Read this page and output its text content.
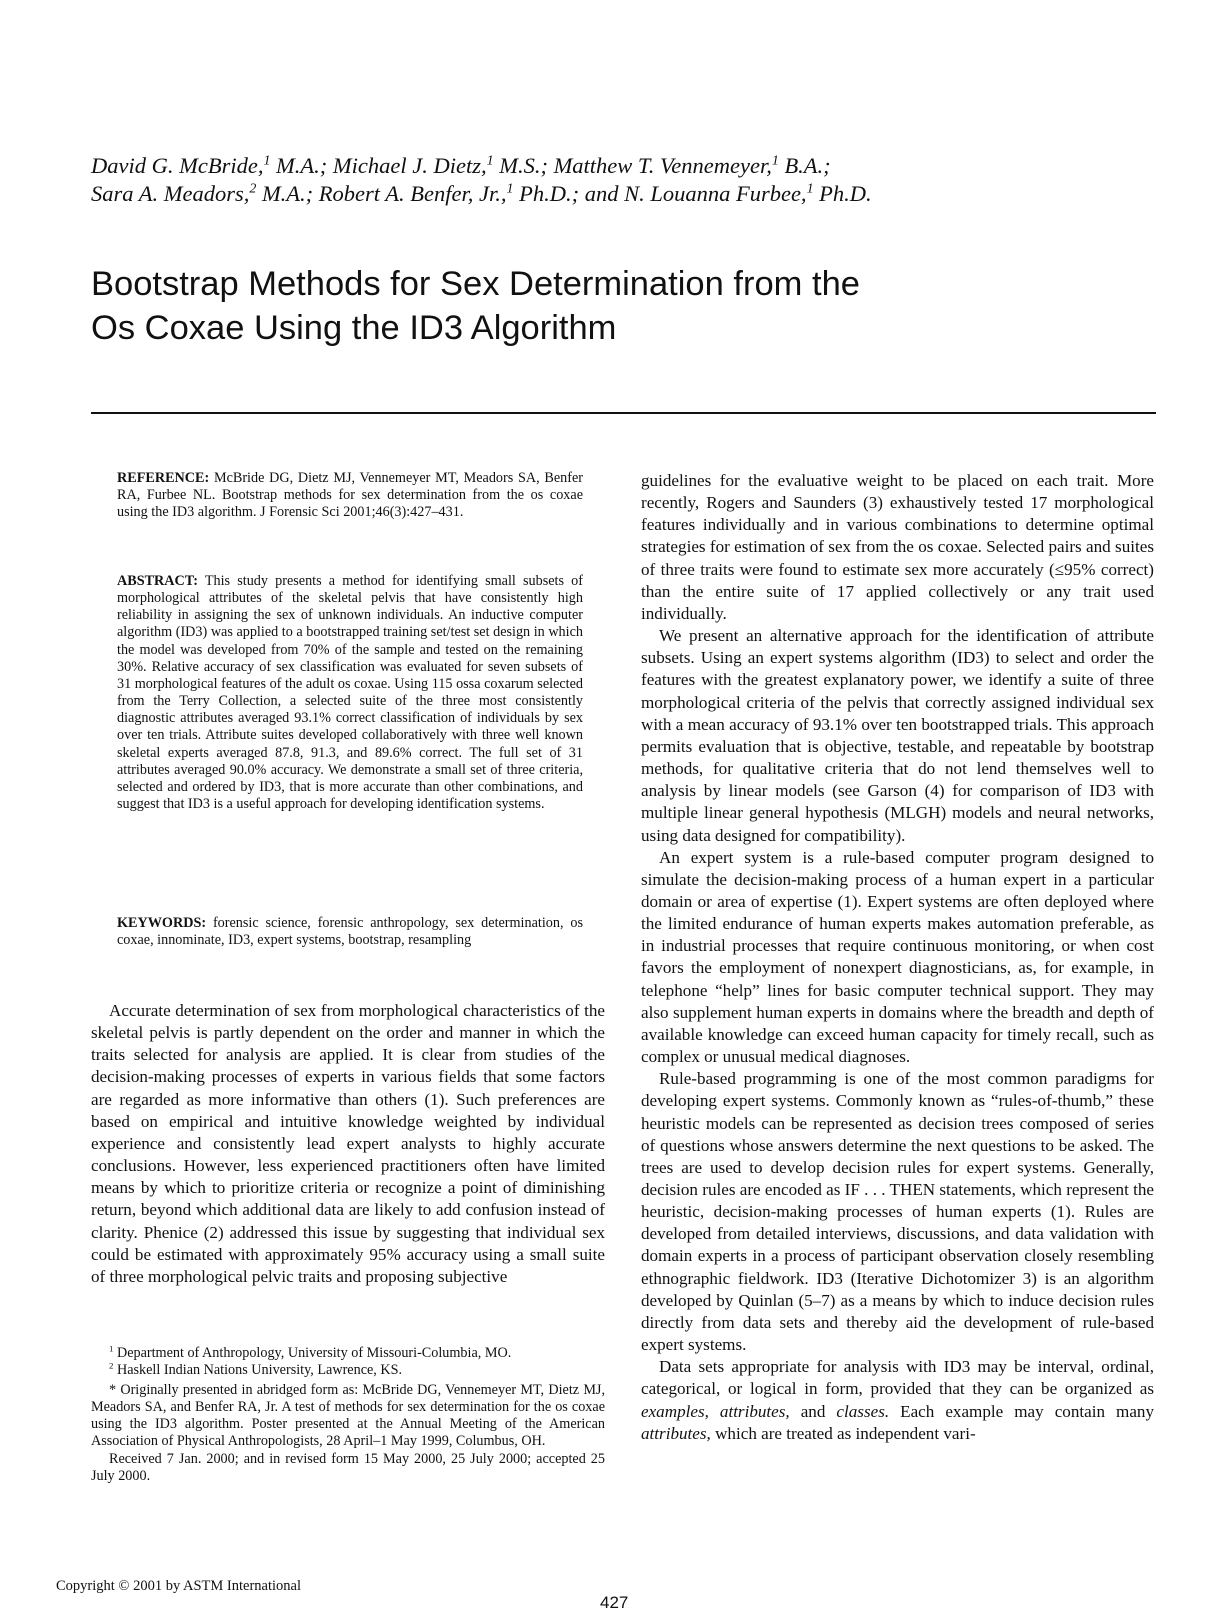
David G. McBride,$^1$ M.A.; Michael J. Dietz,$^1$ M.S.; Matthew T. Vennemeyer,$^1$ B.A.;
Sara A. Meadors,$^2$ M.A.; Robert A. Benfer, Jr.,$^1$ Ph.D.; and N. Louanna Furbee,$^1$ Ph.D.
Bootstrap Methods for Sex Determination from the
Os Coxae Using the ID3 Algorithm
REFERENCE: McBride DG, Dietz MJ, Vennemeyer MT, Meadors SA, Benfer RA, Furbee NL. Bootstrap methods for sex determination from the os coxae using the ID3 algorithm. J Forensic Sci 2001;46(3):427–431.
ABSTRACT: This study presents a method for identifying small subsets of morphological attributes of the skeletal pelvis that have consistently high reliability in assigning the sex of unknown individuals. An inductive computer algorithm (ID3) was applied to a bootstrapped training set/test set design in which the model was developed from 70% of the sample and tested on the remaining 30%. Relative accuracy of sex classification was evaluated for seven subsets of 31 morphological features of the adult os coxae. Using 115 ossa coxarum selected from the Terry Collection, a selected suite of the three most consistently diagnostic attributes averaged 93.1% correct classification of individuals by sex over ten trials. Attribute suites developed collaboratively with three well known skeletal experts averaged 87.8, 91.3, and 89.6% correct. The full set of 31 attributes averaged 90.0% accuracy. We demonstrate a small set of three criteria, selected and ordered by ID3, that is more accurate than other combinations, and suggest that ID3 is a useful approach for developing identification systems.
KEYWORDS: forensic science, forensic anthropology, sex determination, os coxae, innominate, ID3, expert systems, bootstrap, resampling

Accurate determination of sex from morphological characteristics of the skeletal pelvis is partly dependent on the order and manner in which the traits selected for analysis are applied. It is clear from studies of the decision-making processes of experts in various fields that some factors are regarded as more informative than others (1). Such preferences are based on empirical and intuitive knowledge weighted by individual experience and consistently lead expert analysts to highly accurate conclusions. However, less experienced practitioners often have limited means by which to prioritize criteria or recognize a point of diminishing return, beyond which additional data are likely to add confusion instead of clarity. Phenice (2) addressed this issue by suggesting that individual sex could be estimated with approximately 95% accuracy using a small suite of three morphological pelvic traits and proposing subjective

$^1$ Department of Anthropology, University of Missouri-Columbia, MO.

$^2$ Haskell Indian Nations University, Lawrence, KS.

* Originally presented in abridged form as: McBride DG, Vennemeyer MT, Dietz MJ, Meadors SA, and Benfer RA, Jr. A test of methods for sex determination for the os coxae using the ID3 algorithm. Poster presented at the Annual Meeting of the American Association of Physical Anthropologists, 28 April–1 May 1999, Columbus, OH.

Received 7 Jan. 2000; and in revised form 15 May 2000, 25 July 2000; accepted 25 July 2000.

guidelines for the evaluative weight to be placed on each trait. More recently, Rogers and Saunders (3) exhaustively tested 17 morphological features individually and in various combinations to determine optimal strategies for estimation of sex from the os coxae. Selected pairs and suites of three traits were found to estimate sex more accurately (≤95% correct) than the entire suite of 17 applied collectively or any trait used individually.

We present an alternative approach for the identification of attribute subsets. Using an expert systems algorithm (ID3) to select and order the features with the greatest explanatory power, we identify a suite of three morphological criteria of the pelvis that correctly assigned individual sex with a mean accuracy of 93.1% over ten bootstrapped trials. This approach permits evaluation that is objective, testable, and repeatable by bootstrap methods, for qualitative criteria that do not lend themselves well to analysis by linear models (see Garson (4) for comparison of ID3 with multiple linear general hypothesis (MLGH) models and neural networks, using data designed for compatibility).

An expert system is a rule-based computer program designed to simulate the decision-making process of a human expert in a particular domain or area of expertise (1). Expert systems are often deployed where the limited endurance of human experts makes automation preferable, as in industrial processes that require continuous monitoring, or when cost favors the employment of nonexpert diagnosticians, as, for example, in telephone “help” lines for basic computer technical support. They may also supplement human experts in domains where the breadth and depth of available knowledge can exceed human capacity for timely recall, such as complex or unusual medical diagnoses.

Rule-based programming is one of the most common paradigms for developing expert systems. Commonly known as “rules-of-thumb,” these heuristic models can be represented as decision trees composed of series of questions whose answers determine the next questions to be asked. The trees are used to develop decision rules for expert systems. Generally, decision rules are encoded as IF . . . THEN statements, which represent the heuristic, decision-making processes of human experts (1). Rules are developed from detailed interviews, discussions, and data validation with domain experts in a process of participant observation closely resembling ethnographic fieldwork. ID3 (Iterative Dichotomizer 3) is an algorithm developed by Quinlan (5–7) as a means by which to induce decision rules directly from data sets and thereby aid the development of rule-based expert systems.

Data sets appropriate for analysis with ID3 may be interval, ordinal, categorical, or logical in form, provided that they can be organized as examples, attributes, and classes. Each example may contain many attributes, which are treated as independent vari-

Copyright © 2001 by ASTM International
427
